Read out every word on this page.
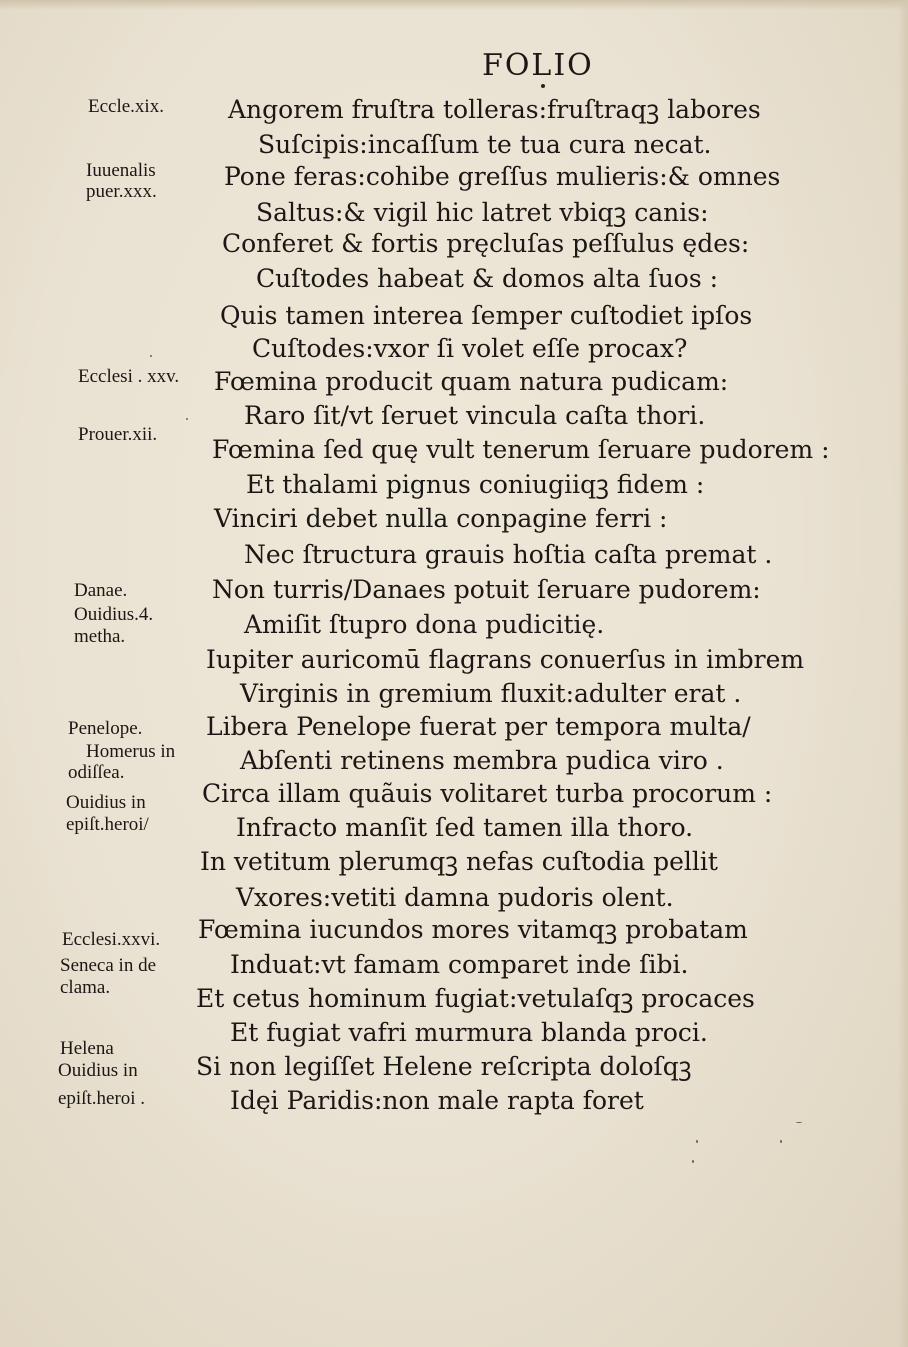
FOLIO
Angorem fruſtra tolleras:fruſtraqꝫ labores
Suſcipis:incaſſum te tua cura necat.
Pone feras:cohibe greſſus mulieris:& omnes
Saltus:& vigil hic latret vbiqꝫ canis:
Conferet & fortis pręcluſas peſſulus ędes:
Cuſtodes habeat & domos alta ſuos :
Quis tamen interea ſemper cuſtodiet ipſos
Cuſtodes:vxor ſi volet eſſe procax?
Fœmina producit quam natura pudicam:
Raro ſit/vt ſeruet vincula caſta thori.
Fœmina ſed quę vult tenerum ſeruare pudorem :
Et thalami pignus coniugiiqꝫ fidem :
Vinciri debet nulla conpagine ferri :
Nec ſtructura grauis hoſtia caſta premat .
Non turris/Danaes potuit ſeruare pudorem:
Amiſit ſtupro dona pudicitię.
Iupiter auricomū flagrans conuerſus in imbrem
Virginis in gremium fluxit:adulter erat .
Libera Penelope fuerat per tempora multa/
Abſenti retinens membra pudica viro .
Circa illam quãuis volitaret turba procorum :
Infracto manſit ſed tamen illa thoro.
In vetitum plerumqꝫ nefas cuſtodia pellit
Vxores:vetiti damna pudoris olent.
Fœmina iucundos mores vitamqꝫ probatam
Induat:vt famam comparet inde ſibi.
Et cetus hominum fugiat:vetulaſqꝫ procaces
Et fugiat vafri murmura blanda proci.
Si non legiſſet Helene reſcripta doloſqꝫ
Idęi Paridis:non male rapta foret
Eccle.xix.
Iuuenalis
puer.xxx.
Ecclesi . xxv.
Prouer.xii.
Danae.
Ouidius.4.
metha.
Penelope.
Homerus in
odiſſea.
Ouidius in
epiſt.heroi/
Ecclesi.xxvi.
Seneca in de
clama.
Helena
Ouidius in
epiſt.heroi .
